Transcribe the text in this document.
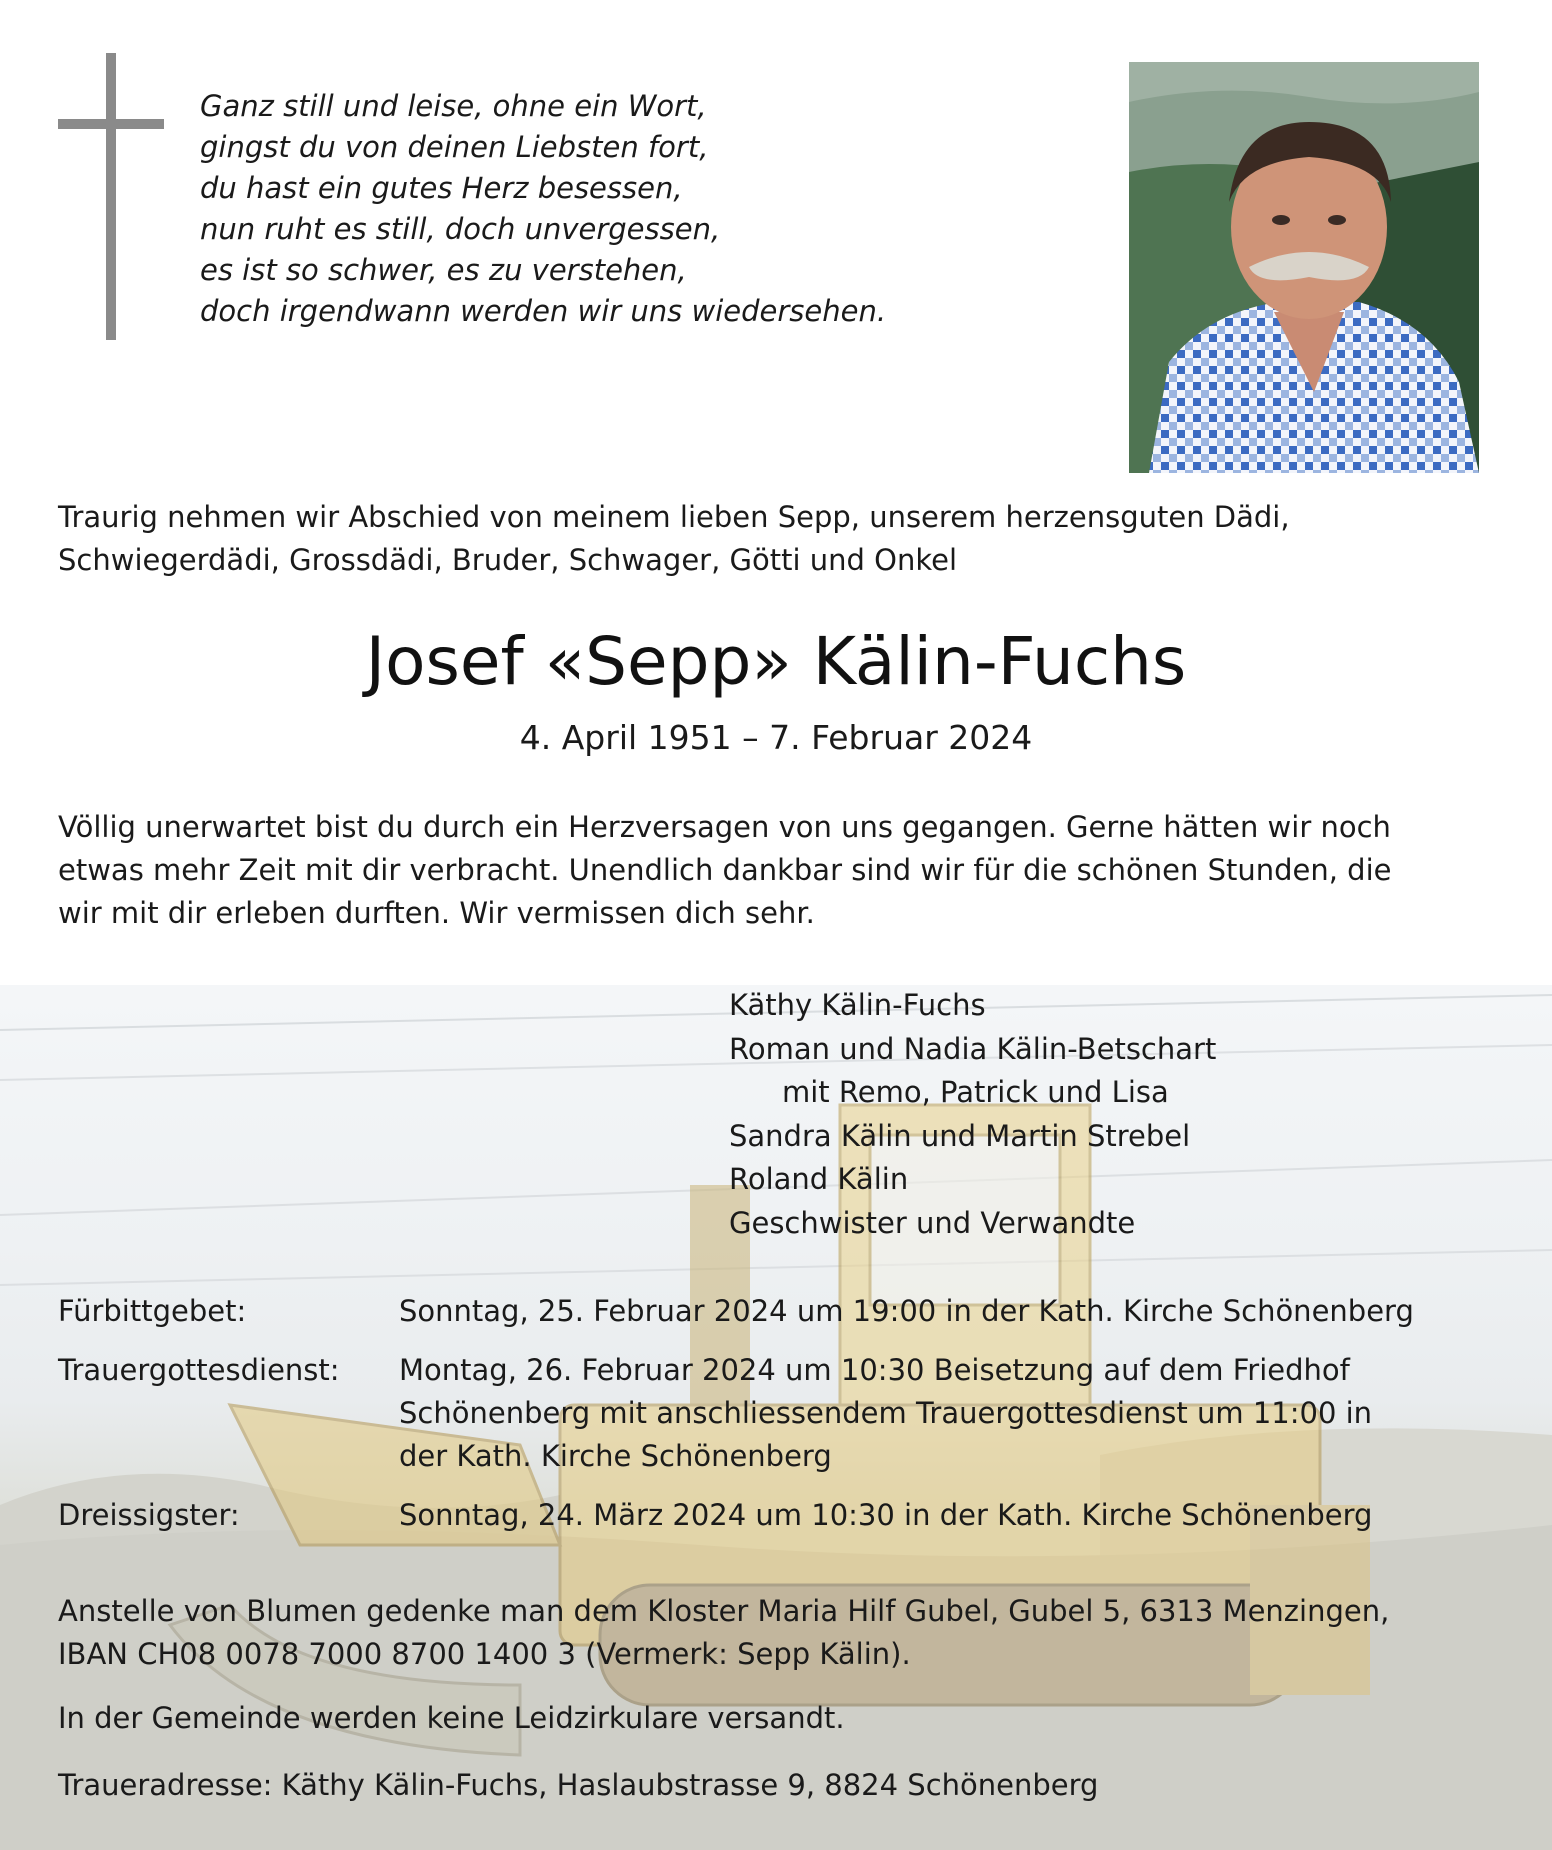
Ganz still und leise, ohne ein Wort,
gingst du von deinen Liebsten fort,
du hast ein gutes Herz besessen,
nun ruht es still, doch unvergessen,
es ist so schwer, es zu verstehen,
doch irgendwann werden wir uns wiedersehen.
Traurig nehmen wir Abschied von meinem lieben Sepp, unserem herzensguten Dädi,
Schwiegerdädi, Grossdädi, Bruder, Schwager, Götti und Onkel
Josef «Sepp» Kälin-Fuchs
4. April 1951 – 7. Februar 2024
Völlig unerwartet bist du durch ein Herzversagen von uns gegangen. Gerne hätten wir noch
etwas mehr Zeit mit dir verbracht. Unendlich dankbar sind wir für die schönen Stunden, die
wir mit dir erleben durften. Wir vermissen dich sehr.
Käthy Kälin-Fuchs
Roman und Nadia Kälin-Betschart
mit Remo, Patrick und Lisa
Sandra Kälin und Martin Strebel
Roland Kälin
Geschwister und Verwandte
Fürbittgebet:	Sonntag, 25. Februar 2024 um 19:00 in der Kath. Kirche Schönenberg
Trauergottesdienst: Montag, 26. Februar 2024 um 10:30 Beisetzung auf dem Friedhof
Schönenberg mit anschliessendem Trauergottesdienst um 11:00 in
der Kath. Kirche Schönenberg
Dreissigster:	Sonntag, 24. März 2024 um 10:30 in der Kath. Kirche Schönenberg
Anstelle von Blumen gedenke man dem Kloster Maria Hilf Gubel, Gubel 5, 6313 Menzingen,
IBAN CH08 0078 7000 8700 1400 3 (Vermerk: Sepp Kälin).
In der Gemeinde werden keine Leidzirkulare versandt.
Traueradresse: Käthy Kälin-Fuchs, Haslaubstrasse 9, 8824 Schönenberg
